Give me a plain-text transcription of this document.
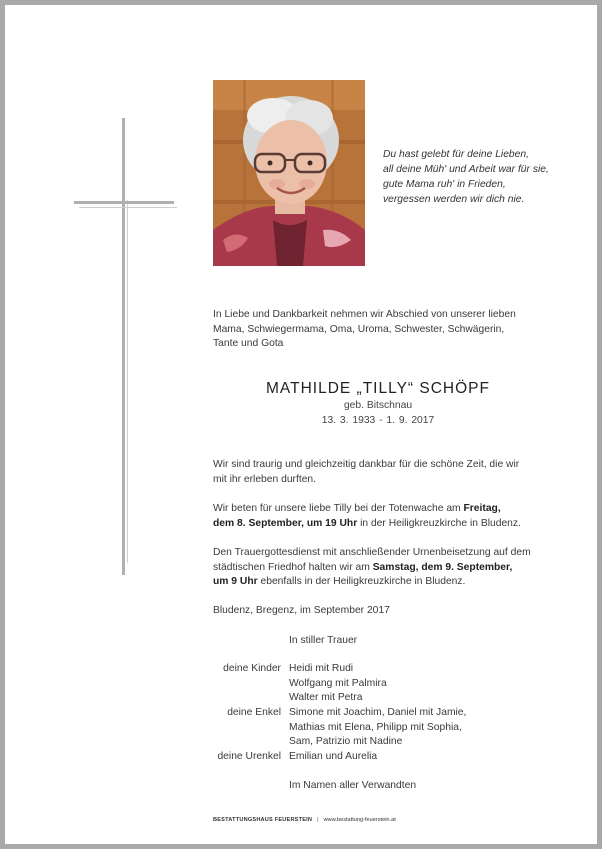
Du hast gelebt für deine Lieben,
all deine Müh' und Arbeit war für sie,
gute Mama ruh' in Frieden,
vergessen werden wir dich nie.
In Liebe und Dankbarkeit nehmen wir Abschied von unserer lieben
Mama, Schwiegermama, Oma, Uroma, Schwester, Schwägerin,
Tante und Gota
MATHILDE „TILLY“ SCHÖPF
geb. Bitschnau
13. 3. 1933 - 1. 9. 2017
Wir sind traurig und gleichzeitig dankbar für die schöne Zeit, die wir
mit ihr erleben durften.
Wir beten für unsere liebe Tilly bei der Totenwache am Freitag,
dem 8. September, um 19 Uhr in der Heiligkreuzkirche in Bludenz.
Den Trauergottesdienst mit anschließender Urnenbeisetzung auf dem
städtischen Friedhof halten wir am Samstag, dem 9. September,
um 9 Uhr ebenfalls in der Heiligkreuzkirche in Bludenz.
Bludenz, Bregenz, im September 2017
In stiller Trauer
deine Kinder Heidi mit Rudi
Wolfgang mit Palmira
Walter mit Petra
deine Enkel Simone mit Joachim, Daniel mit Jamie,
Mathias mit Elena, Philipp mit Sophia,
Sam, Patrizio mit Nadine
deine Urenkel Emilian und Aurelia
Im Namen aller Verwandten
BESTATTUNGSHAUS FEUERSTEIN | www.bestattung-feuerstein.at
